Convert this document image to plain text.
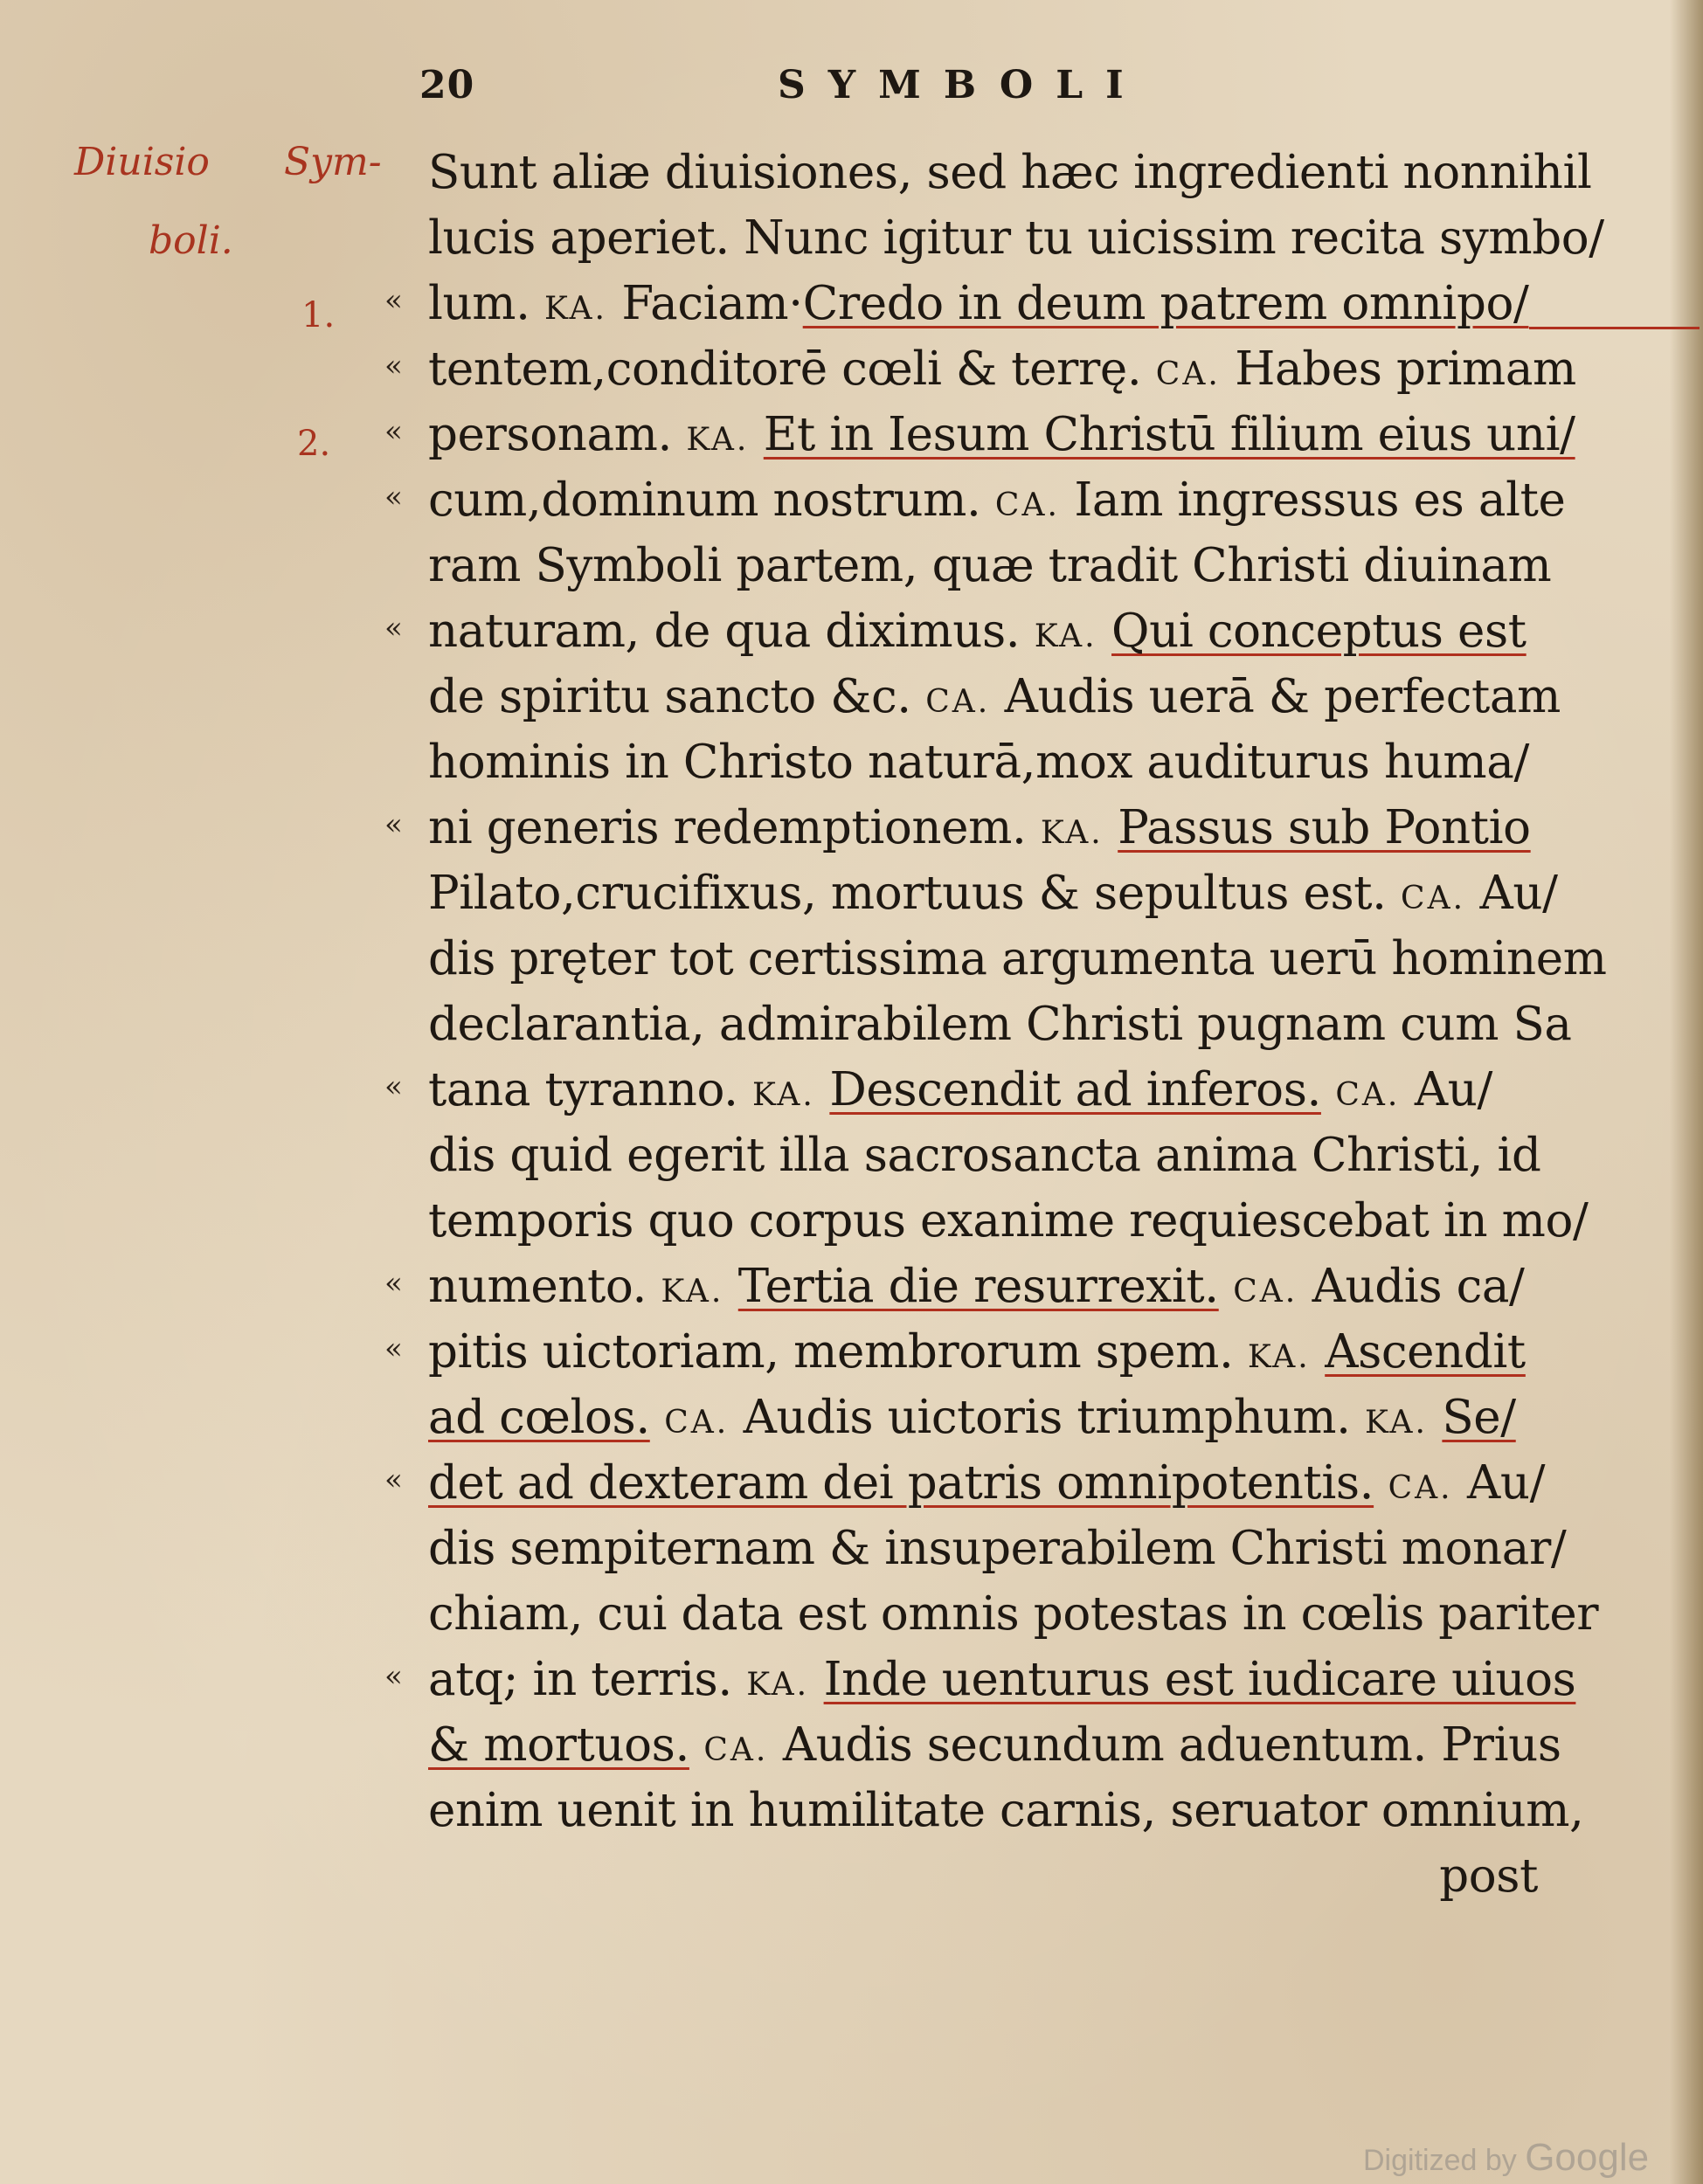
20	SYMBOLI
Diuisio
boli.
Sym-
1.
2.
«
«
«
«
«
«
«
«
«
«
«
Sunt aliæ diuisiones, sed hæc ingredienti nonnihil
lucis aperiet. Nunc igitur tu uicissim recita symbo/
lum. KA. Faciam·Credo in deum patrem omnipo/
tentem,conditorē cœli & terrę. CA. Habes primam
personam. KA. Et in Iesum Christū filium eius uni/
cum,dominum nostrum. CA. Iam ingressus es alte
ram Symboli partem, quæ tradit Christi diuinam
naturam, de qua diximus. KA. Qui conceptus est
de spiritu sancto &c. CA. Audis uerā & perfectam
hominis in Christo naturā,mox auditurus huma/
ni generis redemptionem. KA. Passus sub Pontio
Pilato,crucifixus, mortuus & sepultus est. CA. Au/
dis pręter tot certissima argumenta uerū hominem
declarantia, admirabilem Christi pugnam cum Sa
tana tyranno. KA. Descendit ad inferos. CA. Au/
dis quid egerit illa sacrosancta anima Christi, id
temporis quo corpus exanime requiescebat in mo/
numento. KA. Tertia die resurrexit. CA. Audis ca/
pitis uictoriam, membrorum spem. KA. Ascendit
ad cœlos. CA. Audis uictoris triumphum. KA. Se/
det ad dexteram dei patris omnipotentis. CA. Au/
dis sempiternam & insuperabilem Christi monar/
chiam, cui data est omnis potestas in cœlis pariter
atq; in terris. KA. Inde uenturus est iudicare uiuos
& mortuos. CA. Audis secundum aduentum. Prius
enim uenit in humilitate carnis, seruator omnium,
post
Digitized by Google
